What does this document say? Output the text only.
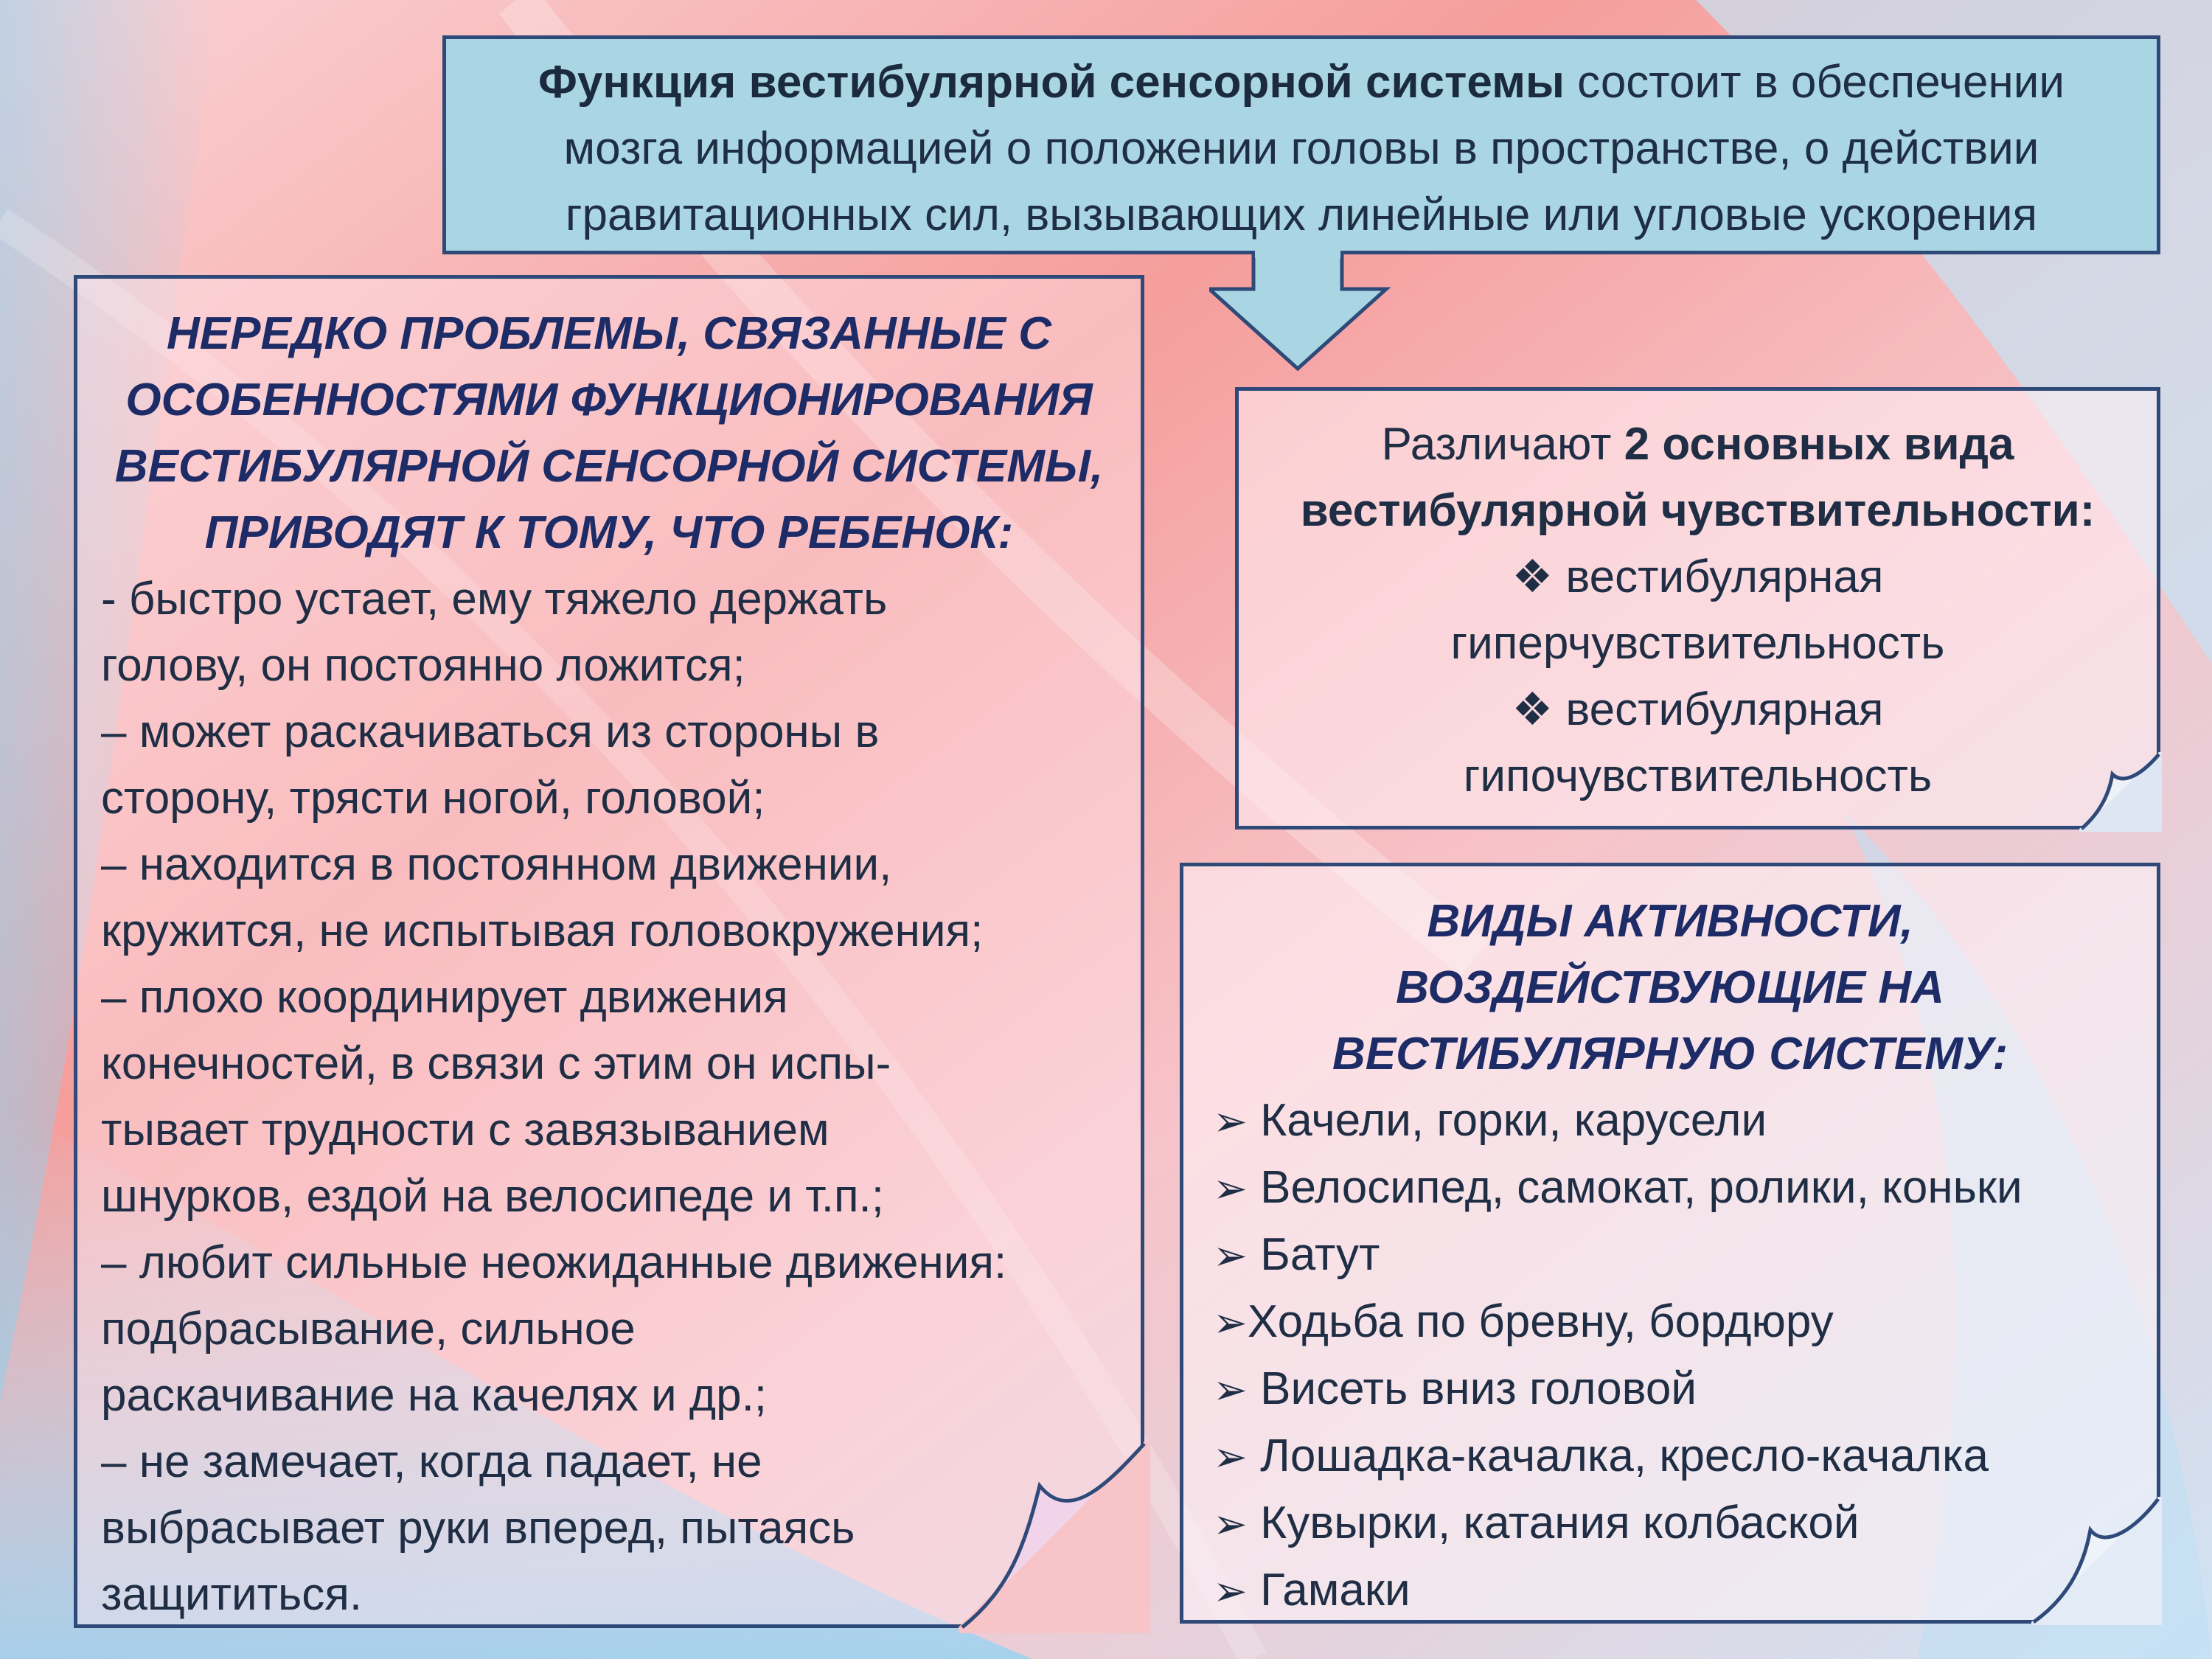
Функция вестибулярной сенсорной системы состоит в обеспечении
мозга информацией о положении головы в пространстве, о действии
гравитационных сил, вызывающих линейные или угловые ускорения
НЕРЕДКО ПРОБЛЕМЫ, СВЯЗАННЫЕ С
ОСОБЕННОСТЯМИ ФУНКЦИОНИРОВАНИЯ
ВЕСТИБУЛЯРНОЙ СЕНСОРНОЙ СИСТЕМЫ,
ПРИВОДЯТ К ТОМУ, ЧТО РЕБЕНОК:
- быстро устает, ему тяжело держать
голову, он постоянно ложится;
– может раскачиваться из стороны в
сторону, трясти ногой, головой;
– находится в постоянном движении,
кружится, не испытывая головокружения;
– плохо координирует движения
конечностей, в связи с этим он испы-
тывает трудности с завязыванием
шнурков, ездой на велосипеде и т.п.;
– любит сильные неожиданные движения:
подбрасывание, сильное
раскачивание на качелях и др.;
– не замечает, когда падает, не
выбрасывает руки вперед, пытаясь
защититься.
Различают 2 основных вида
вестибулярной чувствительности:
❖ вестибулярная
гиперчувствительность
❖ вестибулярная
гипочувствительность
ВИДЫ АКТИВНОСТИ,
ВОЗДЕЙСТВУЮЩИЕ НА
ВЕСТИБУЛЯРНУЮ СИСТЕМУ:
➢ Качели, горки, карусели
➢ Велосипед, самокат, ролики, коньки
➢ Батут
➢Ходьба по бревну, бордюру
➢ Висеть вниз головой
➢ Лошадка-качалка, кресло-качалка
➢ Кувырки, катания колбаской
➢ Гамаки
